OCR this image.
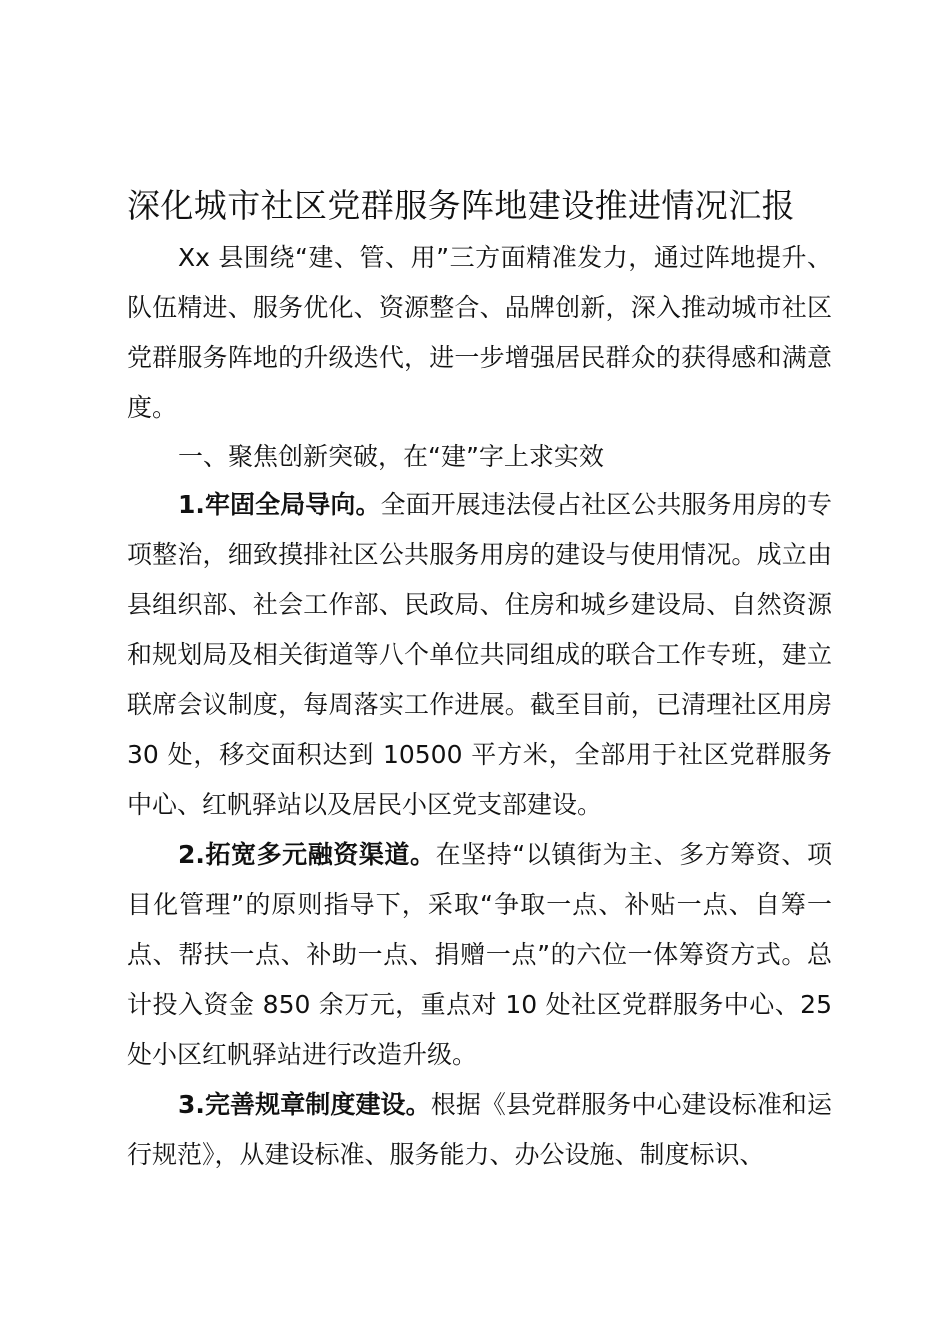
深化城市社区党群服务阵地建设推进情况汇报

Xx 县围绕“建、管、用”三方面精准发力，通过阵地提升、队伍精进、服务优化、资源整合、品牌创新，深入推动城市社区党群服务阵地的升级迭代，进一步增强居民群众的获得感和满意度。

一、聚焦创新突破，在“建”字上求实效

1.牢固全局导向。全面开展违法侵占社区公共服务用房的专项整治，细致摸排社区公共服务用房的建设与使用情况。成立由县组织部、社会工作部、民政局、住房和城乡建设局、自然资源和规划局及相关街道等八个单位共同组成的联合工作专班，建立联席会议制度，每周落实工作进展。截至目前，已清理社区用房 30 处，移交面积达到 10500 平方米，全部用于社区党群服务中心、红帆驿站以及居民小区党支部建设。

2.拓宽多元融资渠道。在坚持“以镇街为主、多方筹资、项目化管理”的原则指导下，采取“争取一点、补贴一点、自筹一点、帮扶一点、补助一点、捐赠一点”的六位一体筹资方式。总计投入资金 850 余万元，重点对 10 处社区党群服务中心、25 处小区红帆驿站进行改造升级。

3.完善规章制度建设。根据《县党群服务中心建设标准和运行规范》，从建设标准、服务能力、办公设施、制度标识、
